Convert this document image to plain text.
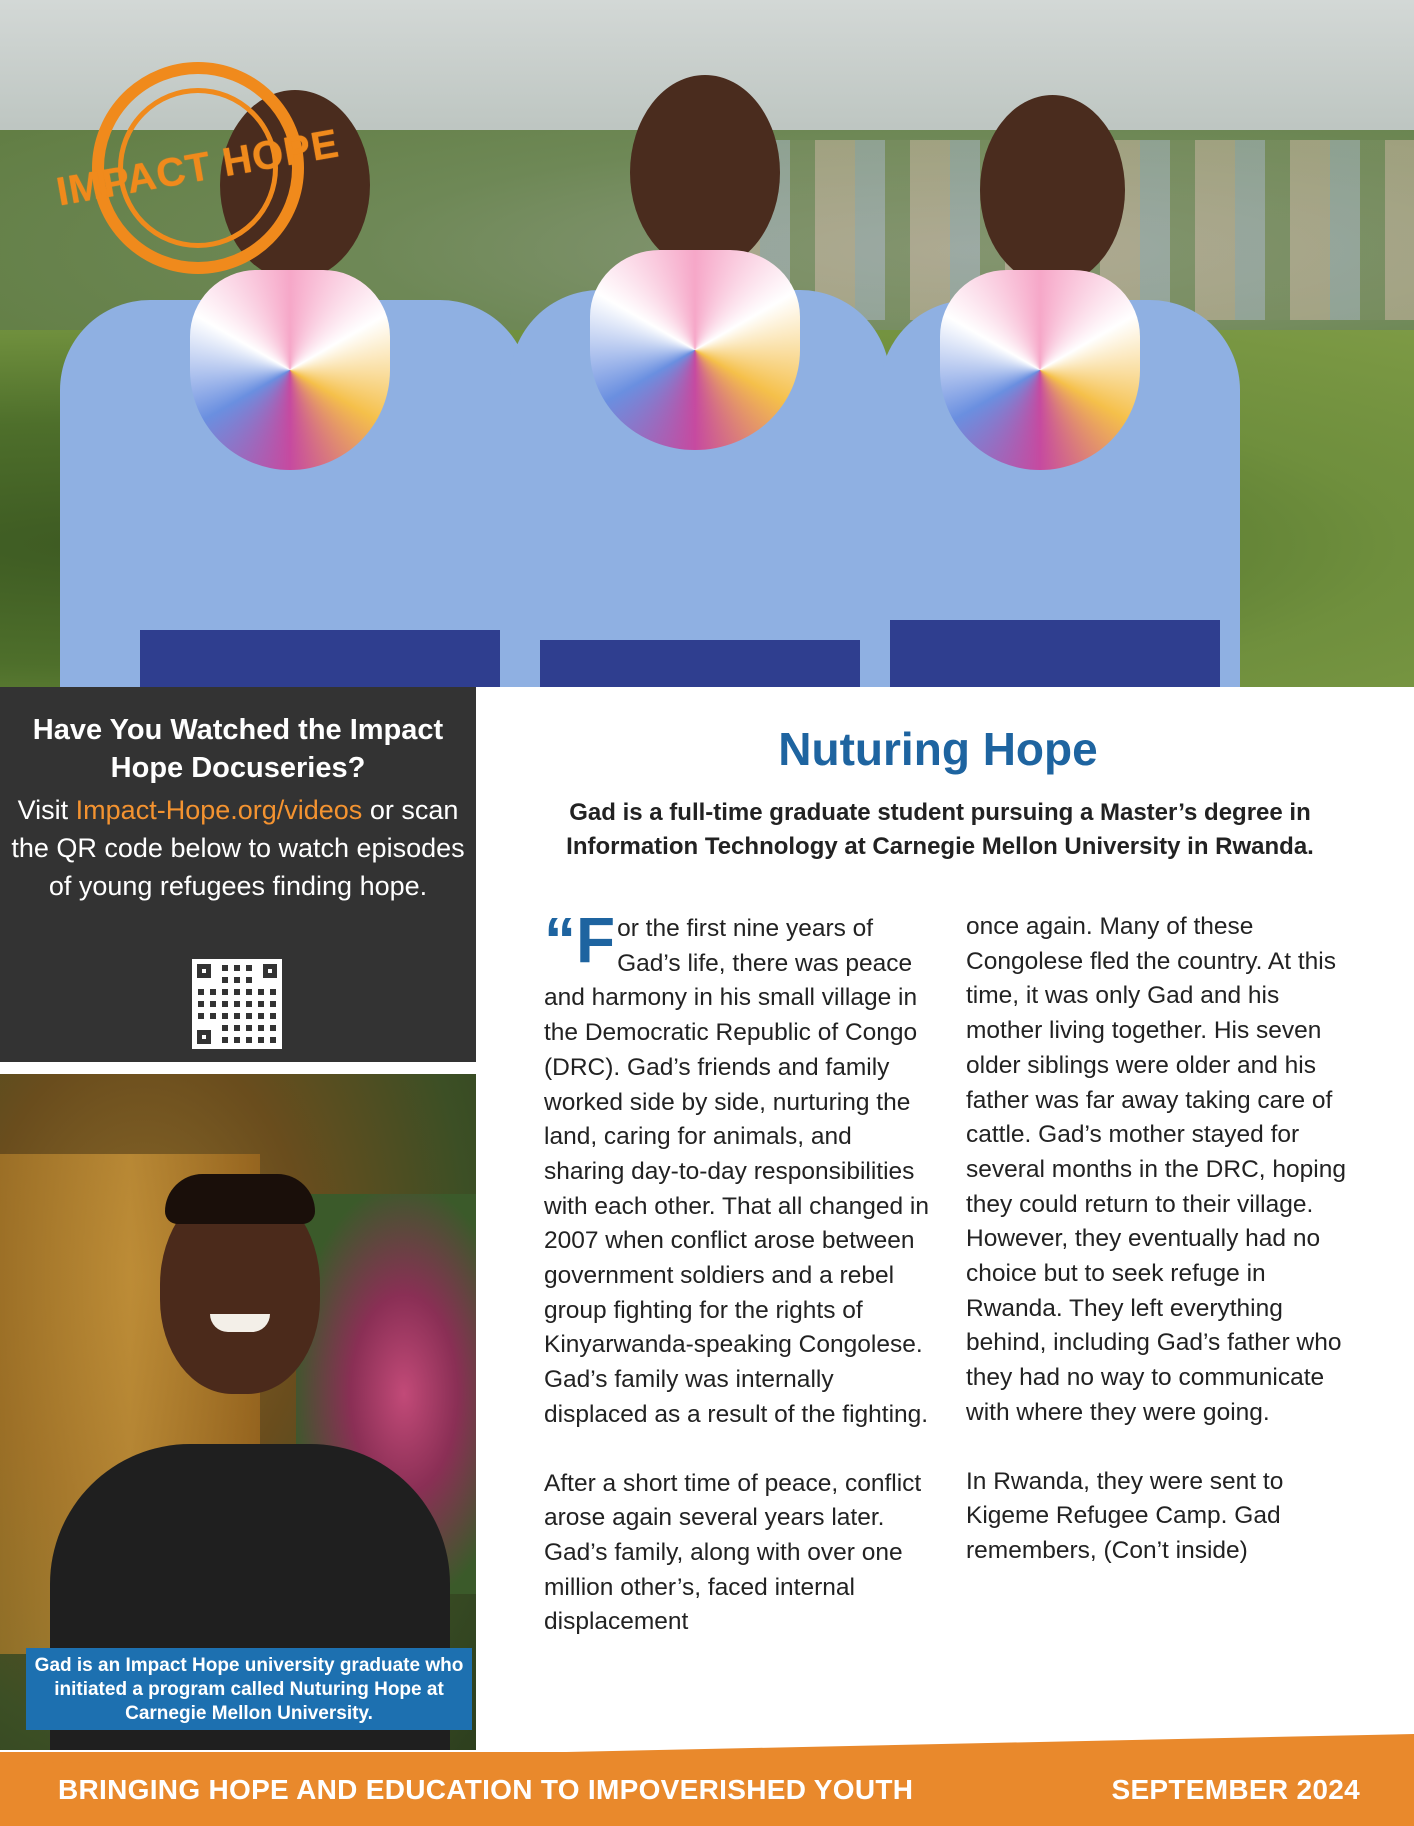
IMPACT HOPE
Have You Watched the Impact Hope Docuseries?

Visit Impact-Hope.org/videos or scan the QR code below to watch episodes of young refugees finding hope.

Gad is an Impact Hope university graduate who initiated a program called Nuturing Hope at Carnegie Mellon University.
Nuturing Hope

Gad is a full-time graduate student pursuing a Master’s degree in Information Technology at Carnegie Mellon University in Rwanda.

“For the first nine years of Gad’s life, there was peace and harmony in his small village in the Democratic Republic of Congo (DRC). Gad’s friends and family worked side by side, nurturing the land, caring for animals, and sharing day-to-day responsibilities with each other. That all changed in 2007 when conflict arose between government soldiers and a rebel group fighting for the rights of Kinyarwanda-speaking Congolese. Gad’s family was internally displaced as a result of the fighting.

After a short time of peace, conflict arose again several years later. Gad’s family, along with over one million other’s, faced internal displacement

once again. Many of these Congolese fled the country. At this time, it was only Gad and his mother living together. His seven older siblings were older and his father was far away taking care of cattle. Gad’s mother stayed for several months in the DRC, hoping they could return to their village. However, they eventually had no choice but to seek refuge in Rwanda. They left everything behind, including Gad’s father who they had no way to communicate with where they were going.

In Rwanda, they were sent to Kigeme Refugee Camp. Gad remembers, (Con’t inside)

BRINGING HOPE AND EDUCATION TO IMPOVERISHED YOUTH	SEPTEMBER 2024
